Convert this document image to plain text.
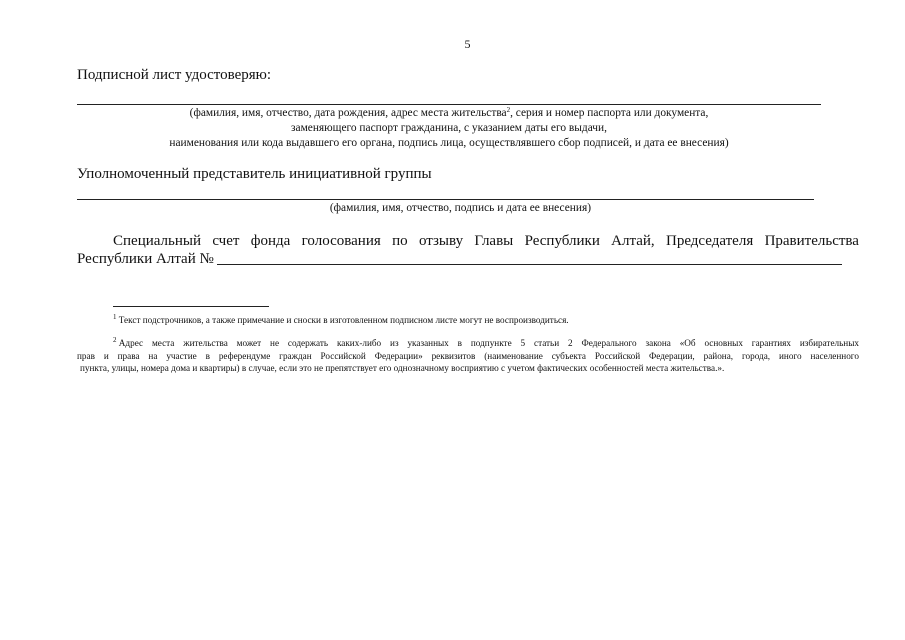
5
Подписной лист удостоверяю:
(фамилия, имя, отчество, дата рождения, адрес места жительства$^2$, серия и номер паспорта или документа,
заменяющего паспорт гражданина, с указанием даты его выдачи,
наименования или кода выдавшего его органа, подпись лица, осуществлявшего сбор подписей, и дата ее внесения)
Уполномоченный представитель инициативной группы
(фамилия, имя, отчество, подпись и дата ее внесения)
Специальный счет фонда голосования по отзыву Главы Республики Алтай, Председателя Правительства
Республики Алтай №
$^1$ Текст подстрочников, а также примечание и сноски в изготовленном подписном листе могут не воспроизводиться.
$^2$ Адрес места жительства может не содержать каких-либо из указанных в подпункте 5 статьи 2 Федерального закона «Об основных гарантиях избирательных
прав и права на участие в референдуме граждан Российской Федерации» реквизитов (наименование субъекта Российской Федерации, района, города, иного населенного
пункта, улицы, номера дома и квартиры) в случае, если это не препятствует его однозначному восприятию с учетом фактических особенностей места жительства.».
